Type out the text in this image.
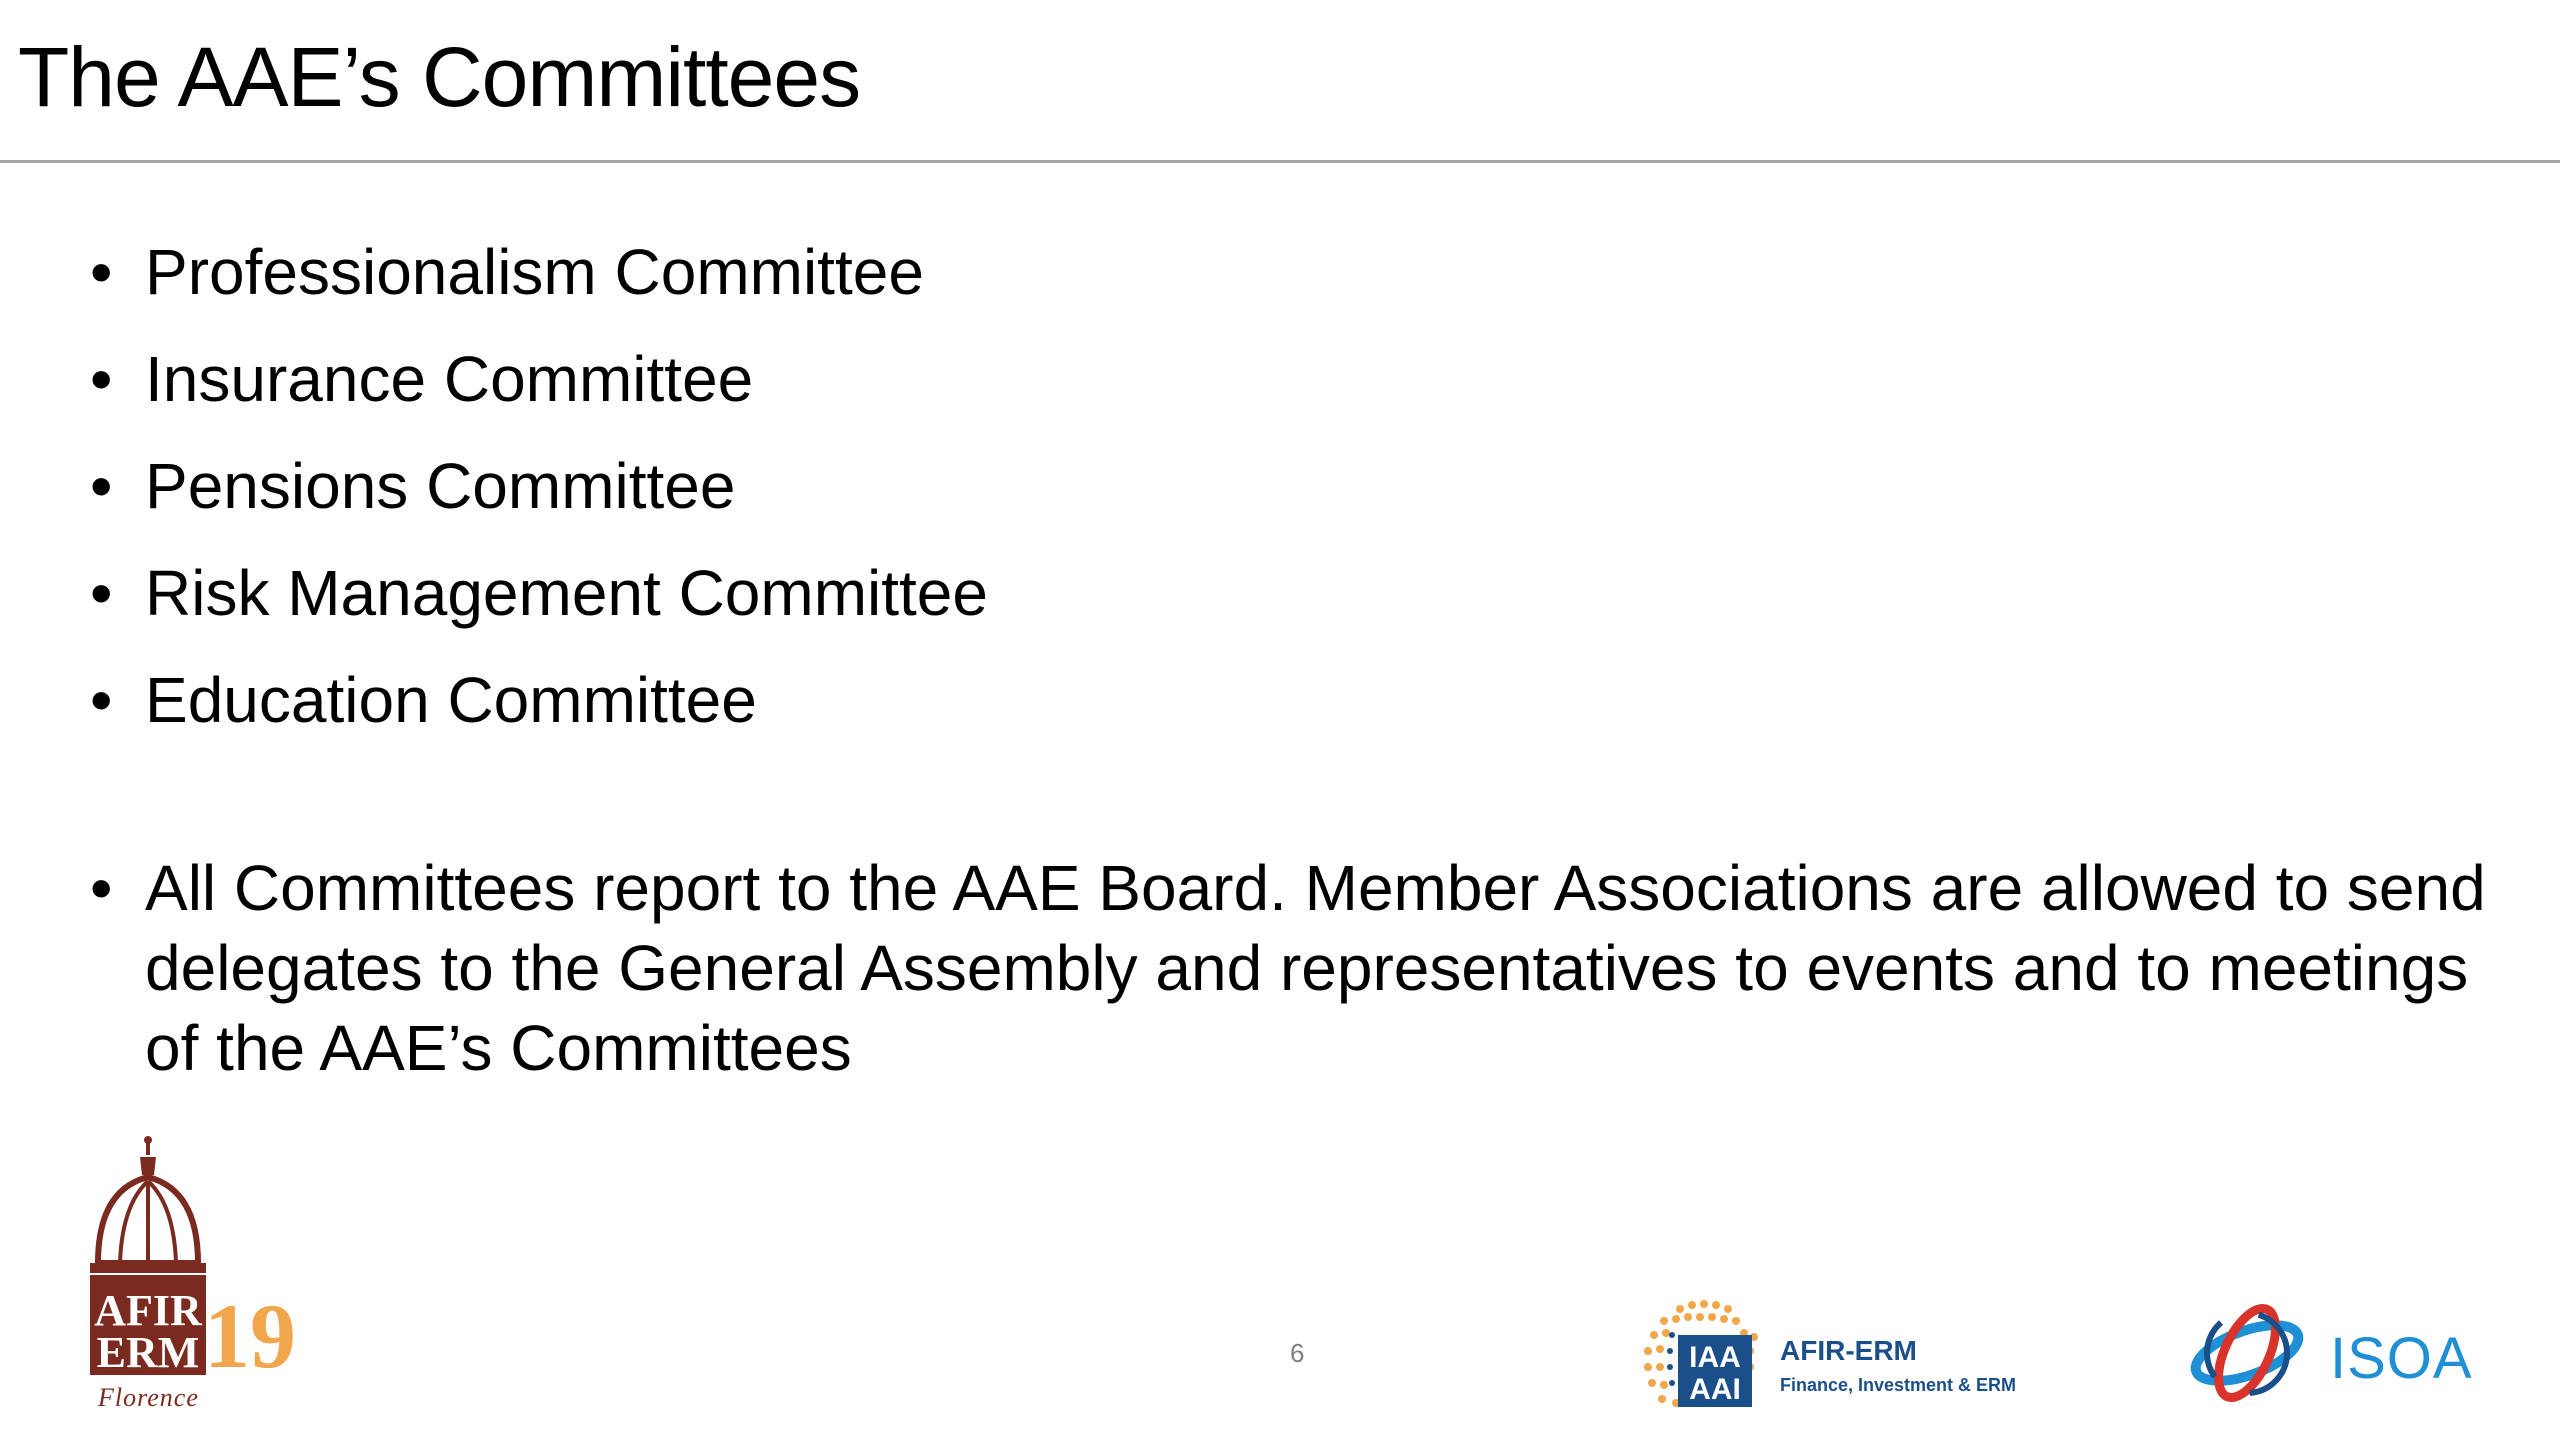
The AAE’s Committees
• Professionalism Committee
• Insurance Committee
• Pensions Committee
• Risk Management Committee
• Education Committee
• All Committees report to the AAE Board. Member Associations are allowed to send delegates to the General Assembly and representatives to events and to meetings of the AAE’s Committees
6
AFIR
ERM 19
Florence
IAA
AAI
AFIR-ERM
Finance, Investment & ERM	ISOA
